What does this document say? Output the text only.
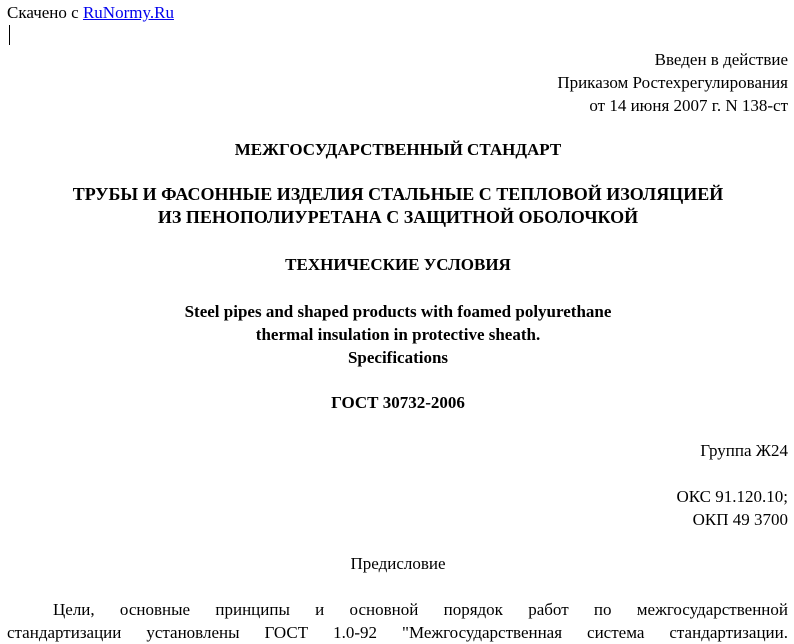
Скачено с RuNormy.Ru
Введен в действие
Приказом Ростехрегулирования
от 14 июня 2007 г. N 138-ст
МЕЖГОСУДАРСТВЕННЫЙ СТАНДАРТ
ТРУБЫ И ФАСОННЫЕ ИЗДЕЛИЯ СТАЛЬНЫЕ С ТЕПЛОВОЙ ИЗОЛЯЦИЕЙ
ИЗ ПЕНОПОЛИУРЕТАНА С ЗАЩИТНОЙ ОБОЛОЧКОЙ
ТЕХНИЧЕСКИЕ УСЛОВИЯ
Steel pipes and shaped products with foamed polyurethane
thermal insulation in protective sheath.
Specifications
ГОСТ 30732-2006
Группа Ж24
ОКС 91.120.10;
ОКП 49 3700
Предисловие
Цели, основные принципы и основной порядок работ по межгосударственной
стандартизации установлены ГОСТ 1.0-92 "Межгосударственная система стандартизации.
